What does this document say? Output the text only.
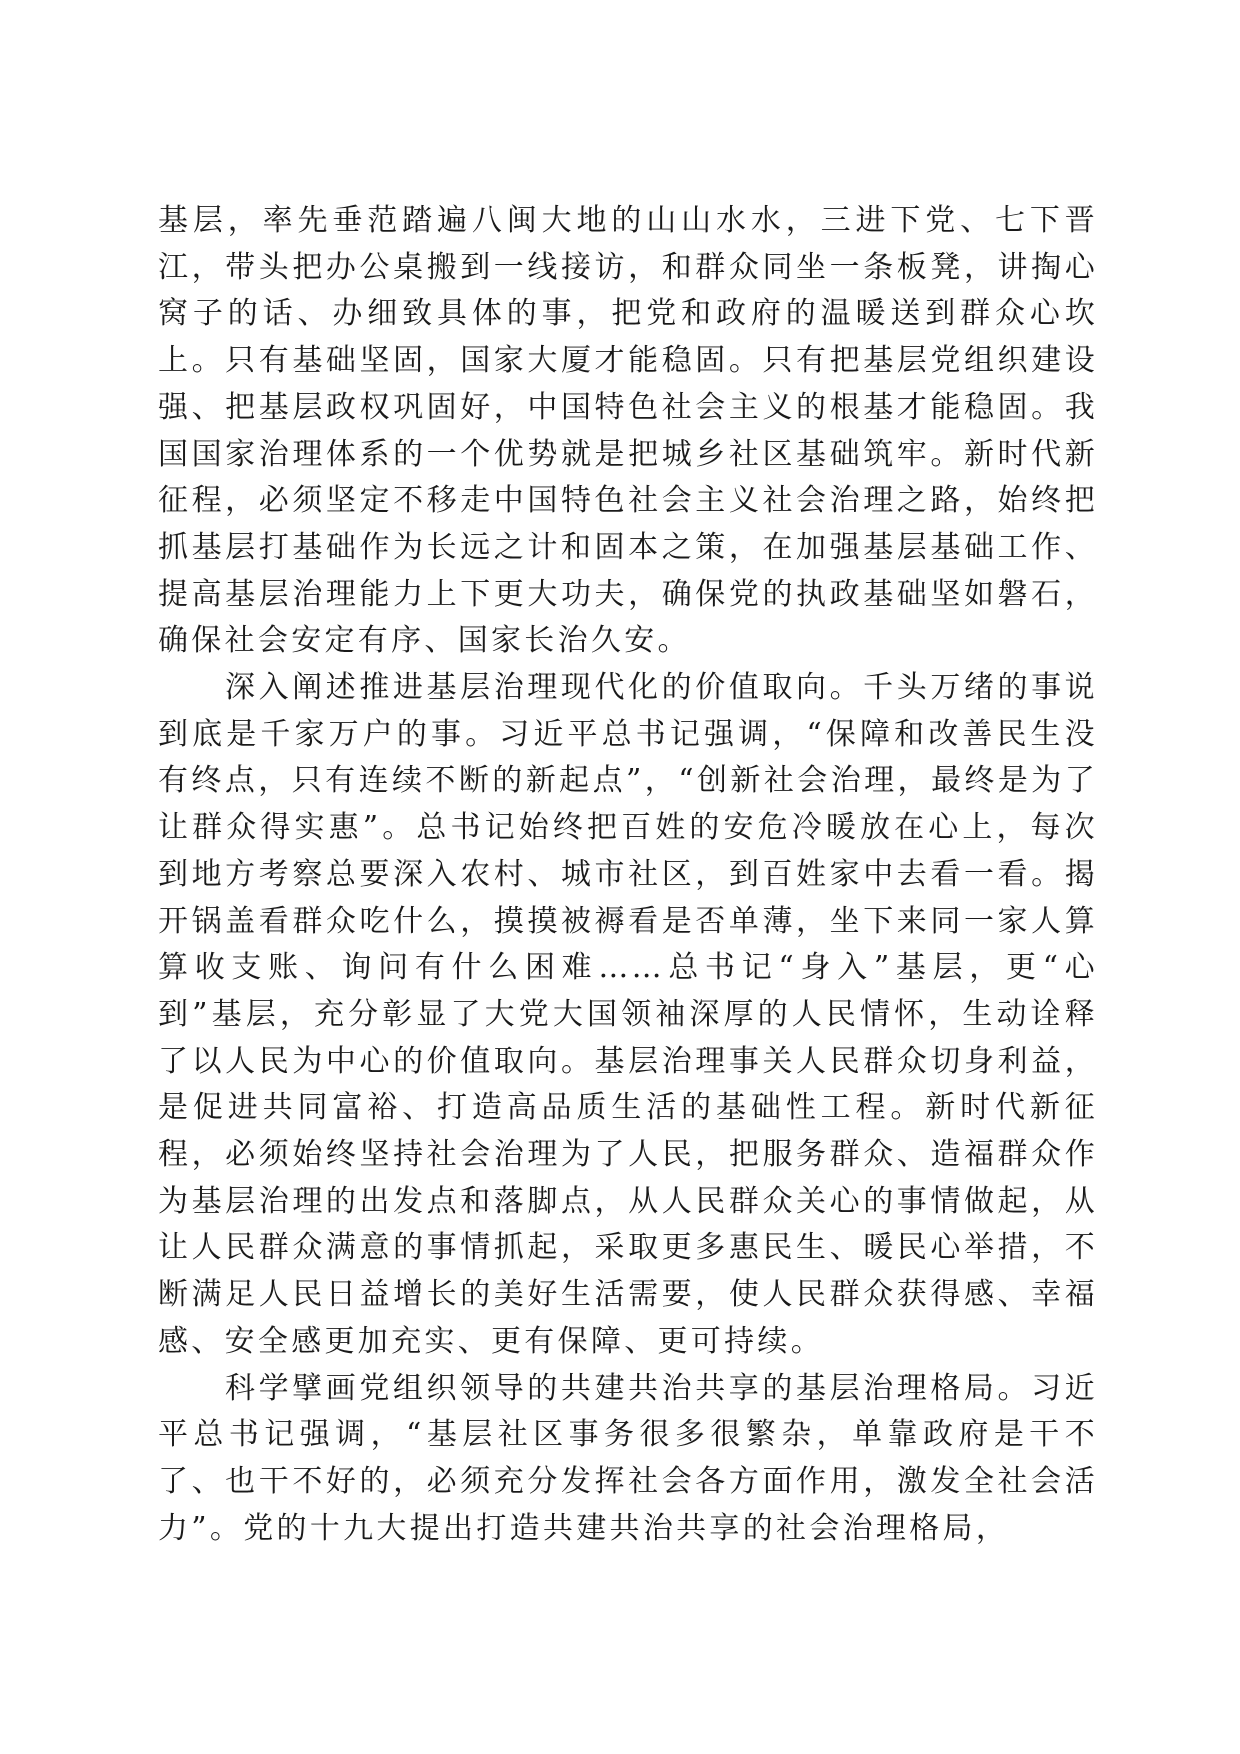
基层，率先垂范踏遍八闽大地的山山水水，三进下党、七下晋江，带头把办公桌搬到一线接访，和群众同坐一条板凳，讲掏心窝子的话、办细致具体的事，把党和政府的温暖送到群众心坎上。只有基础坚固，国家大厦才能稳固。只有把基层党组织建设强、把基层政权巩固好，中国特色社会主义的根基才能稳固。我国国家治理体系的一个优势就是把城乡社区基础筑牢。新时代新征程，必须坚定不移走中国特色社会主义社会治理之路，始终把抓基层打基础作为长远之计和固本之策，在加强基层基础工作、提高基层治理能力上下更大功夫，确保党的执政基础坚如磐石，确保社会安定有序、国家长治久安。

深入阐述推进基层治理现代化的价值取向。千头万绪的事说到底是千家万户的事。习近平总书记强调，“保障和改善民生没有终点，只有连续不断的新起点”，“创新社会治理，最终是为了让群众得实惠”。总书记始终把百姓的安危冷暖放在心上，每次到地方考察总要深入农村、城市社区，到百姓家中去看一看。揭开锅盖看群众吃什么，摸摸被褥看是否单薄，坐下来同一家人算算收支账、询问有什么困难……总书记“身入”基层，更“心到”基层，充分彰显了大党大国领袖深厚的人民情怀，生动诠释了以人民为中心的价值取向。基层治理事关人民群众切身利益，是促进共同富裕、打造高品质生活的基础性工程。新时代新征程，必须始终坚持社会治理为了人民，把服务群众、造福群众作为基层治理的出发点和落脚点，从人民群众关心的事情做起，从让人民群众满意的事情抓起，采取更多惠民生、暖民心举措，不断满足人民日益增长的美好生活需要，使人民群众获得感、幸福感、安全感更加充实、更有保障、更可持续。

科学擘画党组织领导的共建共治共享的基层治理格局。习近平总书记强调，“基层社区事务很多很繁杂，单靠政府是干不了、也干不好的，必须充分发挥社会各方面作用，激发全社会活力”。党的十九大提出打造共建共治共享的社会治理格局，
